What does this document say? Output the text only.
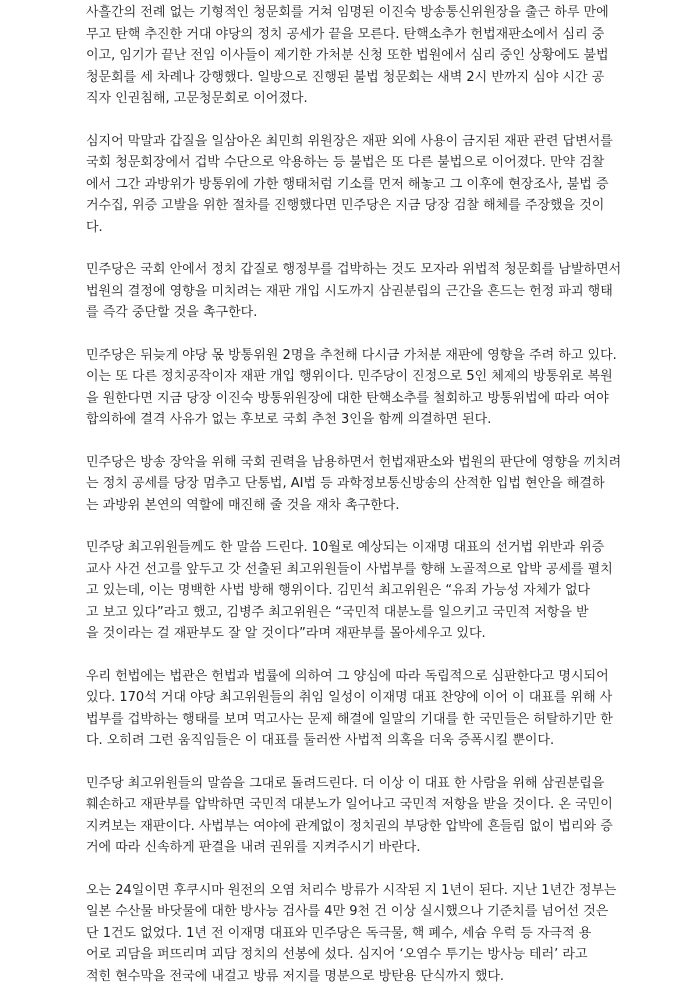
사흘간의 전례 없는 기형적인 청문회를 거쳐 임명된 이진숙 방송통신위원장을 출근 하루 만에
무고 탄핵 추진한 거대 야당의 정치 공세가 끝을 모른다. 탄핵소추가 헌법재판소에서 심리 중
이고, 임기가 끝난 전임 이사들이 제기한 가처분 신청 또한 법원에서 심리 중인 상황에도 불법
청문회를 세 차례나 강행했다. 일방으로 진행된 불법 청문회는 새벽 2시 반까지 심야 시간 공
직자 인권침해, 고문청문회로 이어졌다.
심지어 막말과 갑질을 일삼아온 최민희 위원장은 재판 외에 사용이 금지된 재판 관련 답변서를
국회 청문회장에서 겁박 수단으로 악용하는 등 불법은 또 다른 불법으로 이어졌다. 만약 검찰
에서 그간 과방위가 방통위에 가한 행태처럼 기소를 먼저 해놓고 그 이후에 현장조사, 불법 증
거수집, 위증 고발을 위한 절차를 진행했다면 민주당은 지금 당장 검찰 해체를 주장했을 것이
다.
민주당은 국회 안에서 정치 갑질로 행정부를 겁박하는 것도 모자라 위법적 청문회를 남발하면서
법원의 결정에 영향을 미치려는 재판 개입 시도까지 삼권분립의 근간을 흔드는 헌정 파괴 행태
를 즉각 중단할 것을 촉구한다.
민주당은 뒤늦게 야당 몫 방통위원 2명을 추천해 다시금 가처분 재판에 영향을 주려 하고 있다.
이는 또 다른 정치공작이자 재판 개입 행위이다. 민주당이 진정으로 5인 체제의 방통위로 복원
을 원한다면 지금 당장 이진숙 방통위원장에 대한 탄핵소추를 철회하고 방통위법에 따라 여야
합의하에 결격 사유가 없는 후보로 국회 추천 3인을 함께 의결하면 된다.
민주당은 방송 장악을 위해 국회 권력을 남용하면서 헌법재판소와 법원의 판단에 영향을 끼치려
는 정치 공세를 당장 멈추고 단통법, AI법 등 과학정보통신방송의 산적한 입법 현안을 해결하
는 과방위 본연의 역할에 매진해 줄 것을 재차 촉구한다.
민주당 최고위원들께도 한 말씀 드린다. 10월로 예상되는 이재명 대표의 선거법 위반과 위증
교사 사건 선고를 앞두고 갓 선출된 최고위원들이 사법부를 향해 노골적으로 압박 공세를 펼치
고 있는데, 이는 명백한 사법 방해 행위이다. 김민석 최고위원은 “유죄 가능성 자체가 없다
고 보고 있다”라고 했고, 김병주 최고위원은 “국민적 대분노를 일으키고 국민적 저항을 받
을 것이라는 걸 재판부도 잘 알 것이다”라며 재판부를 몰아세우고 있다.
우리 헌법에는 법관은 헌법과 법률에 의하여 그 양심에 따라 독립적으로 심판한다고 명시되어
있다. 170석 거대 야당 최고위원들의 취임 일성이 이재명 대표 찬양에 이어 이 대표를 위해 사
법부를 겁박하는 행태를 보며 먹고사는 문제 해결에 일말의 기대를 한 국민들은 허탈하기만 한
다. 오히려 그런 움직임들은 이 대표를 둘러싼 사법적 의혹을 더욱 증폭시킬 뿐이다.
민주당 최고위원들의 말씀을 그대로 돌려드린다. 더 이상 이 대표 한 사람을 위해 삼권분립을
훼손하고 재판부를 압박하면 국민적 대분노가 일어나고 국민적 저항을 받을 것이다. 온 국민이
지켜보는 재판이다. 사법부는 여야에 관계없이 정치권의 부당한 압박에 흔들림 없이 법리와 증
거에 따라 신속하게 판결을 내려 권위를 지켜주시기 바란다.
오는 24일이면 후쿠시마 원전의 오염 처리수 방류가 시작된 지 1년이 된다. 지난 1년간 정부는
일본 수산물 바닷물에 대한 방사능 검사를 4만 9천 건 이상 실시했으나 기준치를 넘어선 것은
단 1건도 없었다. 1년 전 이재명 대표와 민주당은 독극물, 핵 폐수, 세슘 우럭 등 자극적 용
어로 괴담을 퍼뜨리며 괴담 정치의 선봉에 섰다. 심지어 ‘오염수 투기는 방사능 테러’ 라고
적힌 현수막을 전국에 내걸고 방류 저지를 명분으로 방탄용 단식까지 했다.
